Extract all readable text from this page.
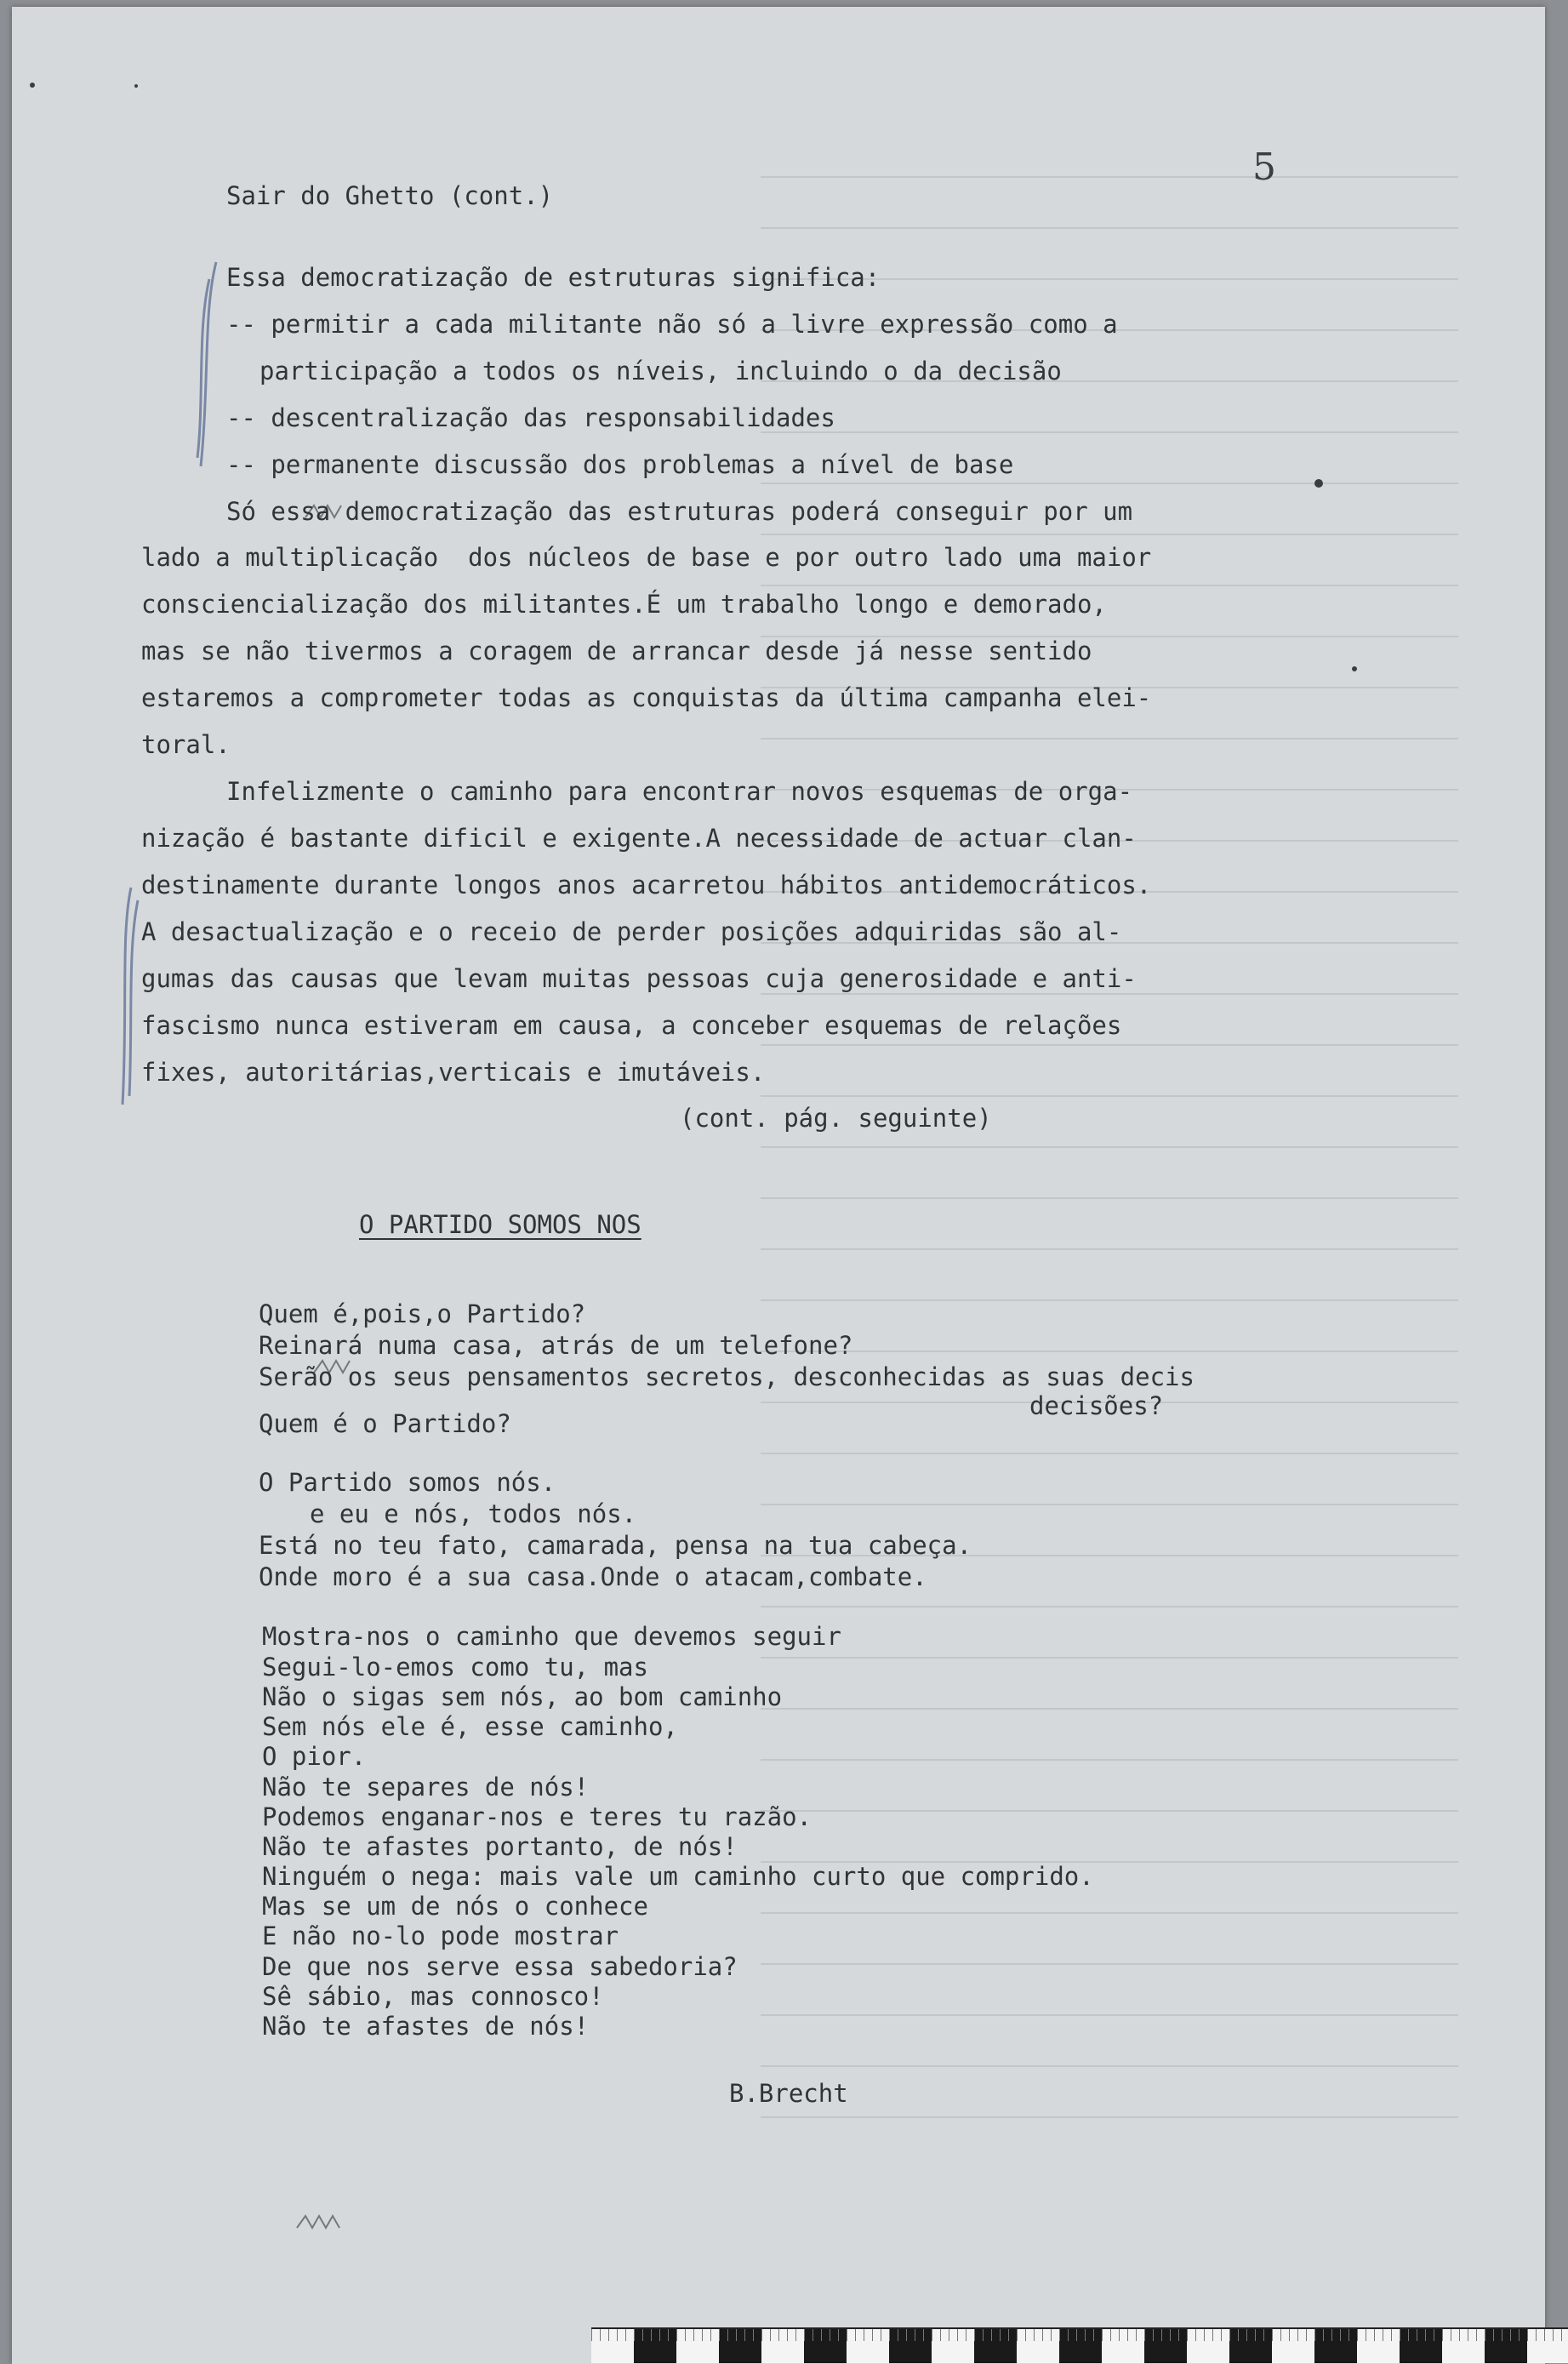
5
Sair do Ghetto (cont.)
Essa democratização de estruturas significa:
-- permitir a cada militante não só a livre expressão como a
participação a todos os níveis, incluindo o da decisão
-- descentralização das responsabilidades
-- permanente discussão dos problemas a nível de base
Só essa democratização das estruturas poderá conseguir por um
lado a multiplicação  dos núcleos de base e por outro lado uma maior
consciencialização dos militantes.É um trabalho longo e demorado,
mas se não tivermos a coragem de arrancar desde já nesse sentido
estaremos a comprometer todas as conquistas da última campanha elei-
toral.
Infelizmente o caminho para encontrar novos esquemas de orga-
nização é bastante dificil e exigente.A necessidade de actuar clan-
destinamente durante longos anos acarretou hábitos antidemocráticos.
A desactualização e o receio de perder posições adquiridas são al-
gumas das causas que levam muitas pessoas cuja generosidade e anti-
fascismo nunca estiveram em causa, a conceber esquemas de relações
fixes, autoritárias,verticais e imutáveis.
(cont. pág. seguinte)
O PARTIDO SOMOS NOS
Quem é,pois,o Partido?
Reinará numa casa, atrás de um telefone?
Serão os seus pensamentos secretos, desconhecidas as suas decis
decisões?
Quem é o Partido?
O Partido somos nós.
e eu e nós, todos nós.
Está no teu fato, camarada, pensa na tua cabeça.
Onde moro é a sua casa.Onde o atacam,combate.
Mostra-nos o caminho que devemos seguir
Segui-lo-emos como tu, mas
Não o sigas sem nós, ao bom caminho
Sem nós ele é, esse caminho,
O pior.
Não te separes de nós!
Podemos enganar-nos e teres tu razão.
Não te afastes portanto, de nós!
Ninguém o nega: mais vale um caminho curto que comprido.
Mas se um de nós o conhece
E não no-lo pode mostrar
De que nos serve essa sabedoria?
Sê sábio, mas connosco!
Não te afastes de nós!
B.Brecht
